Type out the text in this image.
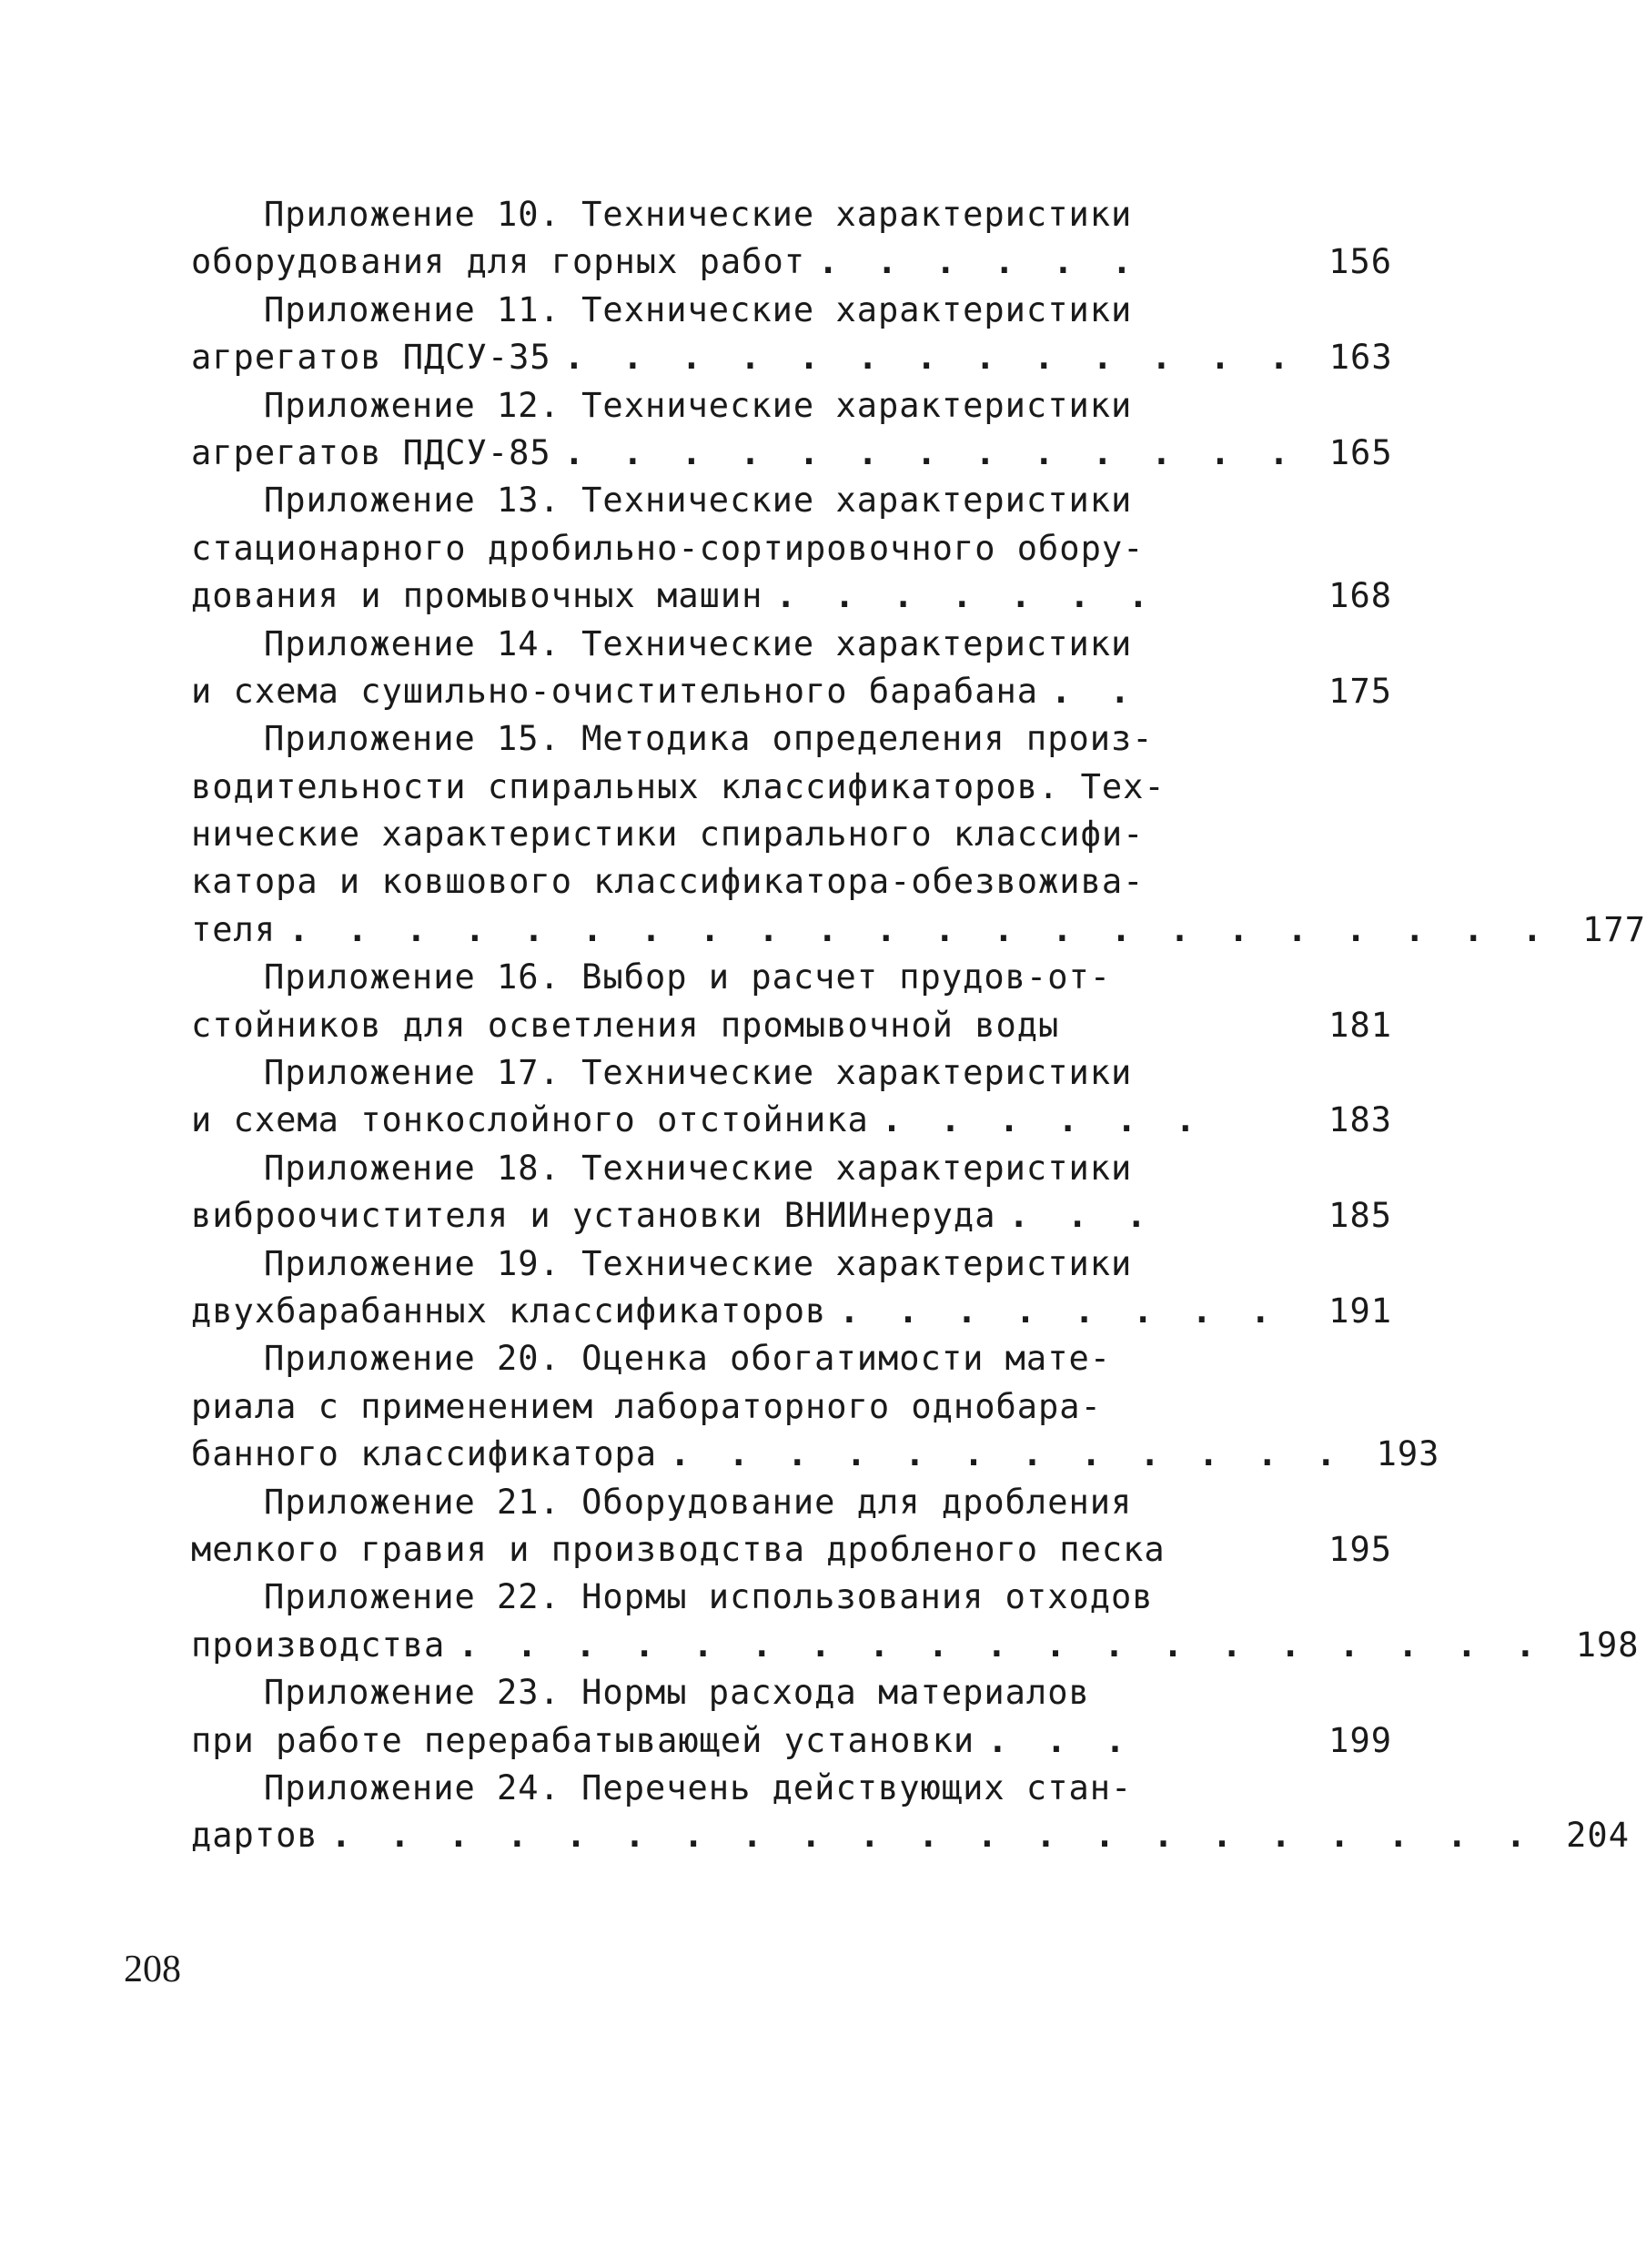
Приложение 10. Технические характеристики
оборудования для горных работ . . . . . .	156
Приложение 11. Технические характеристики
агрегатов ПДСУ-35 . . . . . . . . . . . . . 163
Приложение 12. Технические характеристики
агрегатов ПДСУ-85 . . . . . . . . . . . . . 165
Приложение 13. Технические характеристики
стационарного дробильно-сортировочного обору-
дования и промывочных машин . . . . . . .	168
Приложение 14. Технические характеристики
и схема сушильно-очистительного барабана . .	175
Приложение 15. Методика определения произ-
водительности спиральных классификаторов. Тех-
нические характеристики спирального классифи-
катора и ковшового классификатора-обезвожива-
теля . . . . . . . . . . . . . . . . . . . . . . 177
Приложение 16. Выбор и расчет прудов-от-
стойников для осветления промывочной воды	181
Приложение 17. Технические характеристики
и схема тонкослойного отстойника . . . . . .	183
Приложение 18. Технические характеристики
виброочистителя и установки ВНИИнеруда . . .	185
Приложение 19. Технические характеристики
двухбарабанных классификаторов . . . . . . . .	191
Приложение 20. Оценка обогатимости мате-
риала с применением лабораторного однобара-
банного классификатора . . . . . . . . . . . . 193
Приложение 21. Оборудование для дробления
мелкого гравия и производства дробленого песка	195
Приложение 22. Нормы использования отходов
производства . . . . . . . . . . . . . . . . . . . 198
Приложение 23. Нормы расхода материалов
при работе перерабатывающей установки . . .	199
Приложение 24. Перечень действующих стан-
дартов . . . . . . . . . . . . . . . . . . . . . 204
208
